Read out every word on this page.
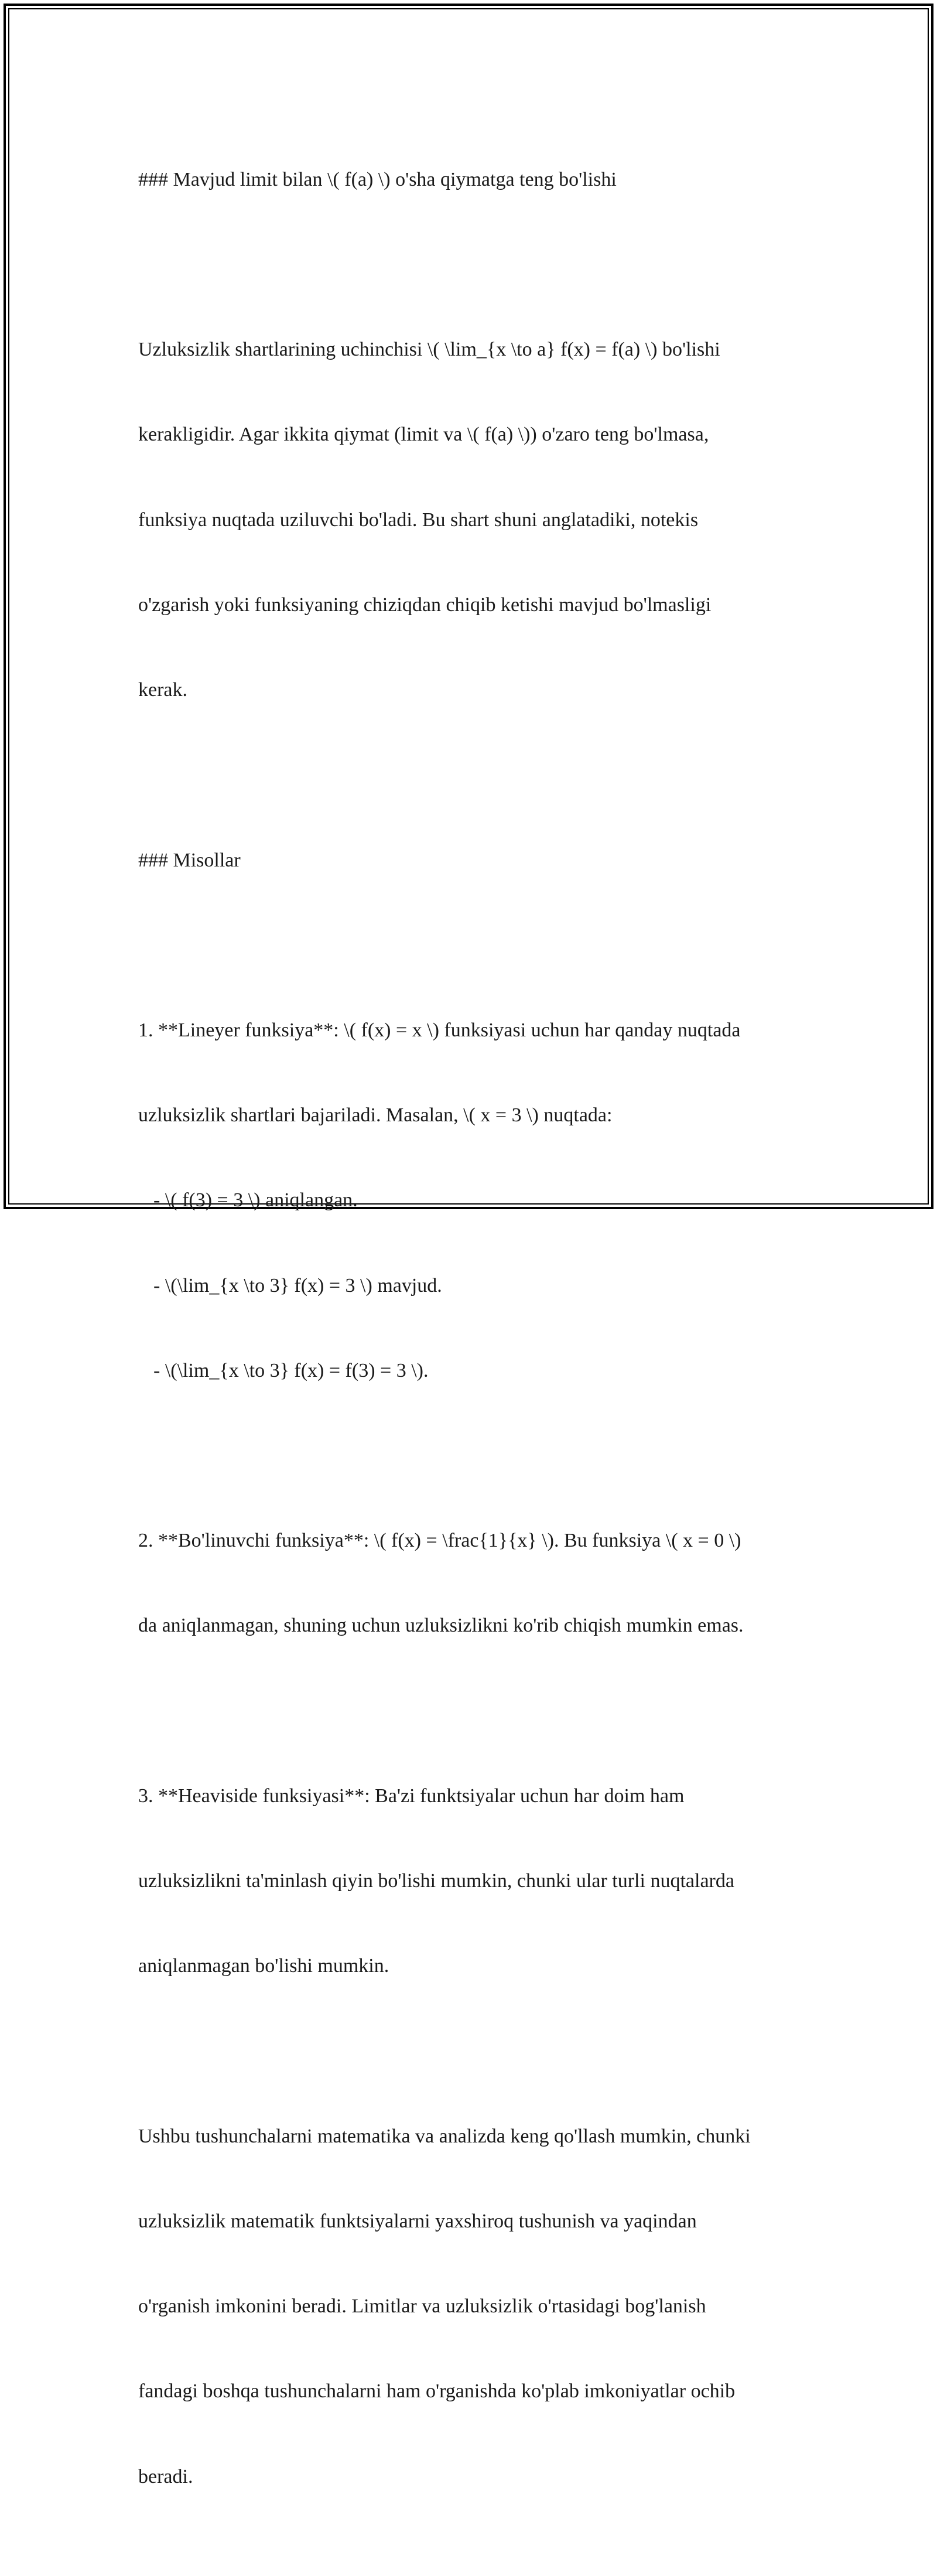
### Mavjud limit bilan \( f(a) \) o'sha qiymatga teng bo'lishi

Uzluksizlik shartlarining uchinchisi \( \lim_{x \to a} f(x) = f(a) \) bo'lishi

kerakligidir. Agar ikkita qiymat (limit va \( f(a) \)) o'zaro teng bo'lmasa,

funksiya nuqtada uziluvchi bo'ladi. Bu shart shuni anglatadiki, notekis

o'zgarish yoki funksiyaning chiziqdan chiqib ketishi mavjud bo'lmasligi

kerak.

### Misollar

1. **Lineyer funksiya**: \( f(x) = x \) funksiyasi uchun har qanday nuqtada

uzluksizlik shartlari bajariladi. Masalan, \( x = 3 \) nuqtada:

- \( f(3) = 3 \) aniqlangan.

- \(\lim_{x \to 3} f(x) = 3 \) mavjud.

- \(\lim_{x \to 3} f(x) = f(3) = 3 \).

2. **Bo'linuvchi funksiya**: \( f(x) = \frac{1}{x} \). Bu funksiya \( x = 0 \)

da aniqlanmagan, shuning uchun uzluksizlikni ko'rib chiqish mumkin emas.

3. **Heaviside funksiyasi**: Ba'zi funktsiyalar uchun har doim ham

uzluksizlikni ta'minlash qiyin bo'lishi mumkin, chunki ular turli nuqtalarda

aniqlanmagan bo'lishi mumkin.

Ushbu tushunchalarni matematika va analizda keng qo'llash mumkin, chunki

uzluksizlik matematik funktsiyalarni yaxshiroq tushunish va yaqindan

o'rganish imkonini beradi. Limitlar va uzluksizlik o'rtasidagi bog'lanish

fandagi boshqa tushunchalarni ham o'rganishda ko'plab imkoniyatlar ochib

beradi.
